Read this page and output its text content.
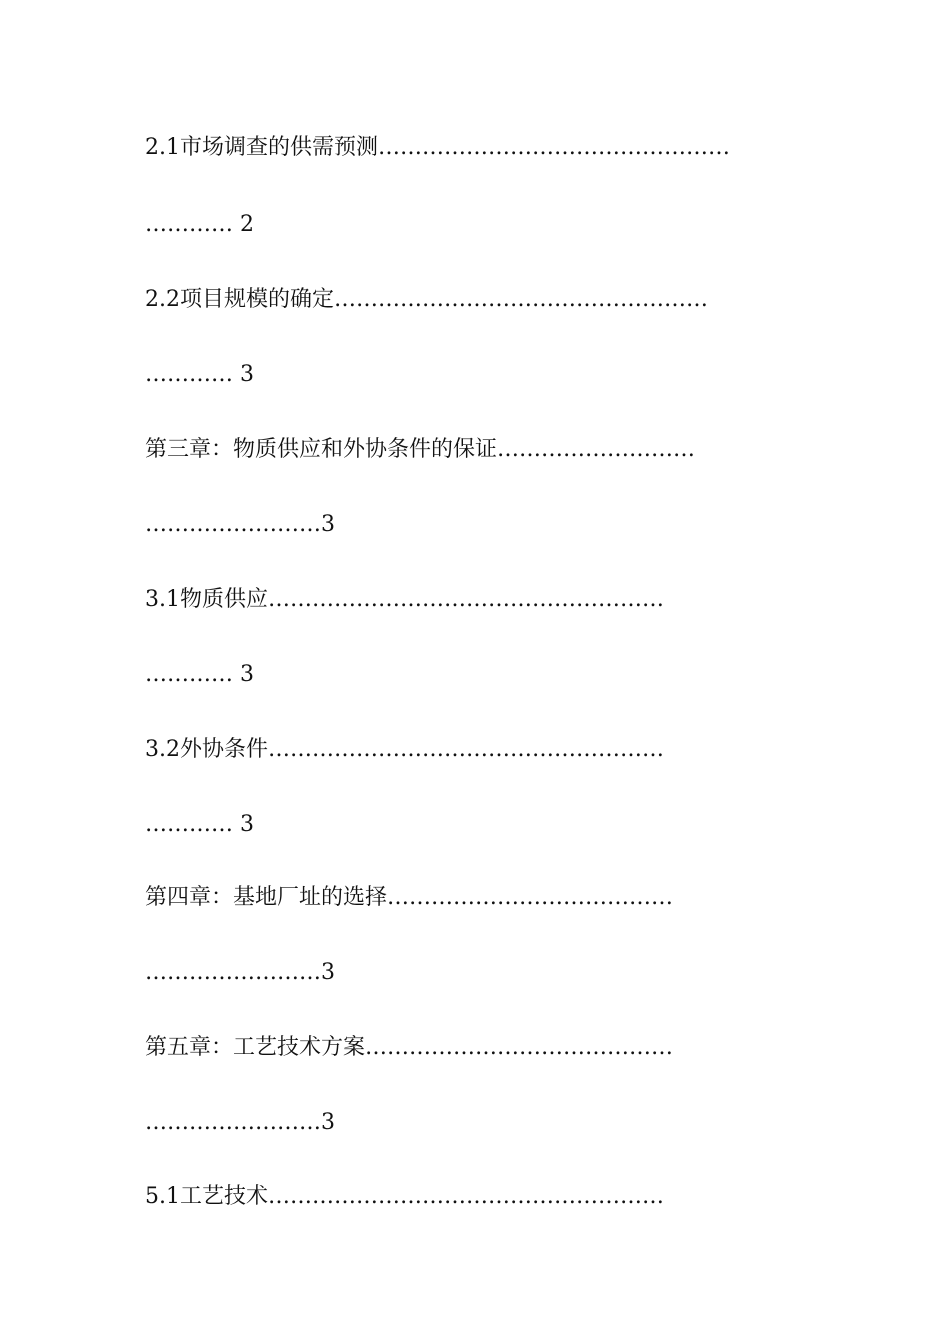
2.1市场调查的供需预测…………………………………………
………… 2
2.2项目规模的确定……………………………………………
………… 3
第三章：物质供应和外协条件的保证………………………
……………………3
3.1物质供应………………………………………………
………… 3
3.2外协条件………………………………………………
………… 3
第四章：基地厂址的选择…………………………………
……………………3
第五章：工艺技术方案……………………………………
……………………3
5.1工艺技术………………………………………………
